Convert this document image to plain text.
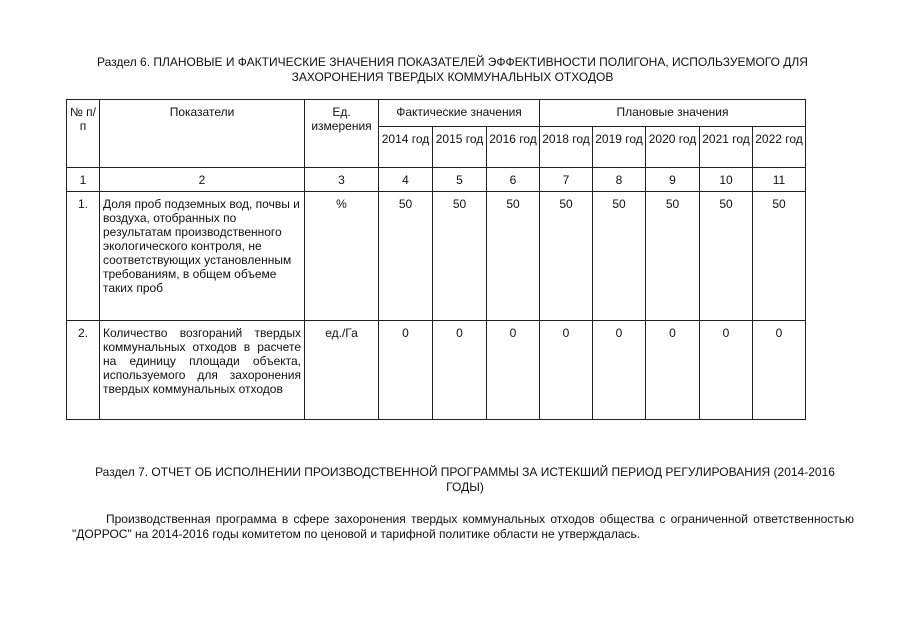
Раздел 6. ПЛАНОВЫЕ И ФАКТИЧЕСКИЕ ЗНАЧЕНИЯ ПОКАЗАТЕЛЕЙ ЭФФЕКТИВНОСТИ ПОЛИГОНА, ИСПОЛЬЗУЕМОГО ДЛЯ ЗАХОРОНЕНИЯ ТВЕРДЫХ КОММУНАЛЬНЫХ ОТХОДОВ
№ п/п	Показатели	Ед. измерения	Фактические значения			Плановые значения				
			2014 год	2015 год	2016 год	2018 год	2019 год	2020 год	2021 год	2022 год
1	2	3	4	5	6	7	8	9	10	11
1.	Доля проб подземных вод, почвы и воздуха, отобранных по результатам производственного экологического контроля, не соответствующих установленным требованиям, в общем объеме таких проб	%	50	50	50	50	50	50	50	50
2.	Количество возгораний твердых коммунальных отходов в расчете на единицу площади объекта, используемого для захоронения твердых коммунальных отходов	ед./Га	0	0	0	0	0	0	0	0
Раздел 7. ОТЧЕТ ОБ ИСПОЛНЕНИИ ПРОИЗВОДСТВЕННОЙ ПРОГРАММЫ ЗА ИСТЕКШИЙ ПЕРИОД РЕГУЛИРОВАНИЯ (2014-2016 ГОДЫ)
Производственная программа в сфере захоронения твердых коммунальных отходов общества с ограниченной ответственностью "ДОРРОС" на 2014-2016 годы комитетом по ценовой и тарифной политике области не утверждалась.
